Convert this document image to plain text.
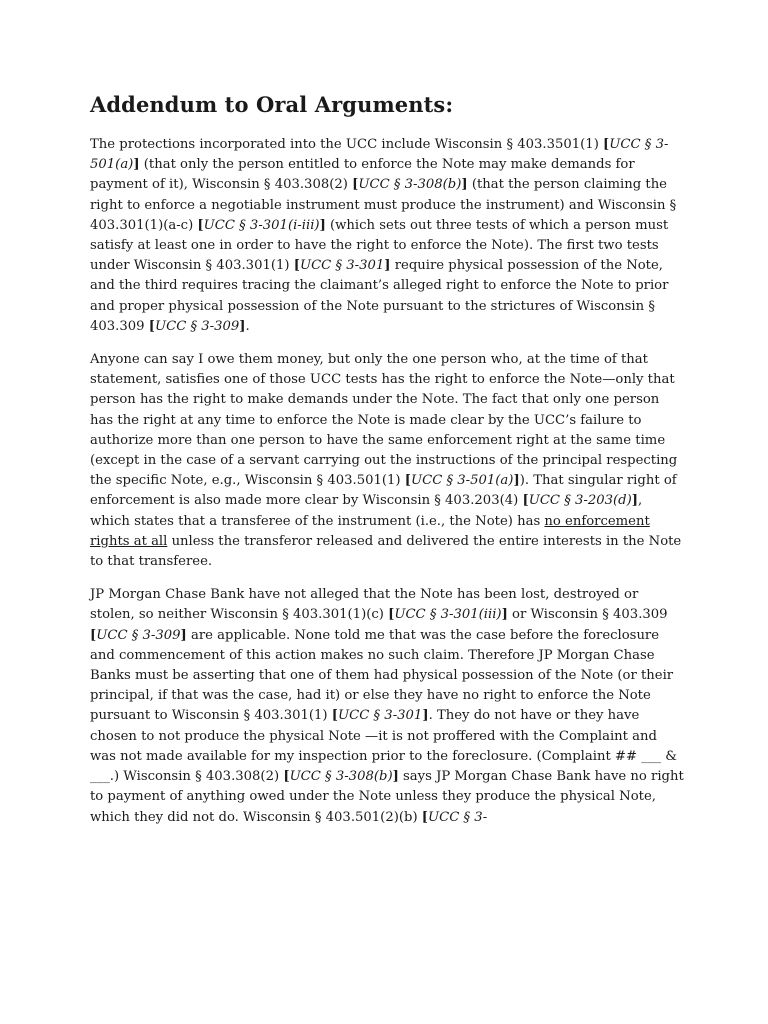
Addendum to Oral Arguments:

The protections incorporated into the UCC include Wisconsin § 403.3501(1) [UCC § 3-501(a)] (that only the person entitled to enforce the Note may make demands for payment of it), Wisconsin § 403.308(2) [UCC § 3-308(b)] (that the person claiming the right to enforce a negotiable instrument must produce the instrument) and Wisconsin § 403.301(1)(a-c) [UCC § 3-301(i-iii)] (which sets out three tests of which a person must satisfy at least one in order to have the right to enforce the Note). The first two tests under Wisconsin § 403.301(1) [UCC § 3-301] require physical possession of the Note, and the third requires tracing the claimant’s alleged right to enforce the Note to prior and proper physical possession of the Note pursuant to the strictures of Wisconsin § 403.309 [UCC § 3-309].

Anyone can say I owe them money, but only the one person who, at the time of that statement, satisfies one of those UCC tests has the right to enforce the Note—only that person has the right to make demands under the Note. The fact that only one person has the right at any time to enforce the Note is made clear by the UCC’s failure to authorize more than one person to have the same enforcement right at the same time (except in the case of a servant carrying out the instructions of the principal respecting the specific Note, e.g., Wisconsin § 403.501(1) [UCC § 3-501(a)]). That singular right of enforcement is also made more clear by Wisconsin § 403.203(4) [UCC § 3-203(d)], which states that a transferee of the instrument (i.e., the Note) has no enforcement rights at all unless the transferor released and delivered the entire interests in the Note to that transferee.

JP Morgan Chase Bank have not alleged that the Note has been lost, destroyed or stolen, so neither Wisconsin § 403.301(1)(c) [UCC § 3-301(iii)] or Wisconsin § 403.309 [UCC § 3-309] are applicable. None told me that was the case before the foreclosure and commencement of this action makes no such claim. Therefore JP Morgan Chase Banks must be asserting that one of them had physical possession of the Note (or their principal, if that was the case, had it) or else they have no right to enforce the Note pursuant to Wisconsin § 403.301(1) [UCC § 3-301]. They do not have or they have chosen to not produce the physical Note —it is not proffered with the Complaint and was not made available for my inspection prior to the foreclosure. (Complaint ## ___ & ___.) Wisconsin § 403.308(2) [UCC § 3-308(b)] says JP Morgan Chase Bank have no right to payment of anything owed under the Note unless they produce the physical Note, which they did not do. Wisconsin § 403.501(2)(b) [UCC § 3-
